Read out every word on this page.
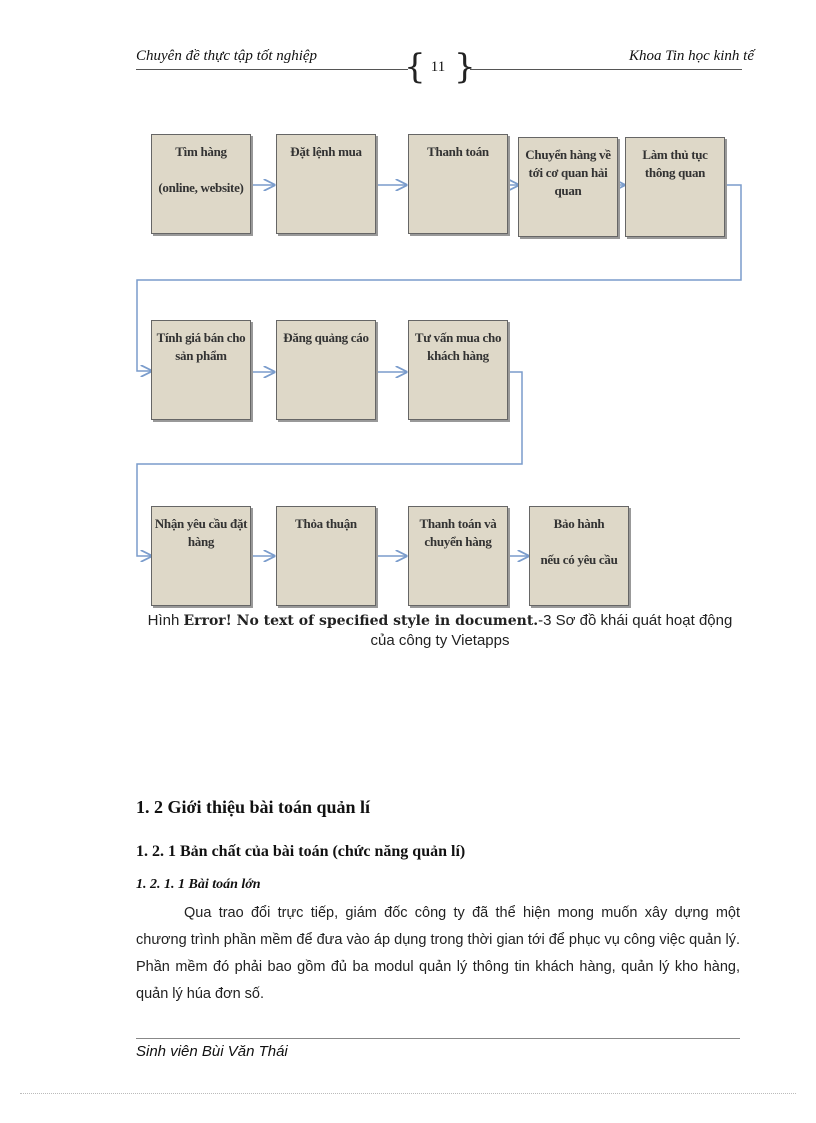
Chuyên đề thực tập tốt nghiệp	{ 11 }	Khoa Tin học kinh tế
Tìm hàng

(online, website)
Đặt lệnh mua	Thanh toán	Chuyển hàng về tới cơ quan hải quan
Làm thủ tục thông quan
Tính giá bán cho sản phẩm
Đăng quảng cáo	Tư vấn mua cho khách hàng
Nhận yêu cầu đặt hàng
Thỏa thuận	Thanh toán và chuyển hàng
Bảo hành

nếu có yêu cầu
Hình Error! No text of specified style in document.-3 Sơ đồ khái quát hoạt động
của công ty Vietapps
1. 2 Giới thiệu bài toán quản lí
1. 2. 1 Bản chất của bài toán (chức năng quản lí)
1. 2. 1. 1 Bài toán lớn
Qua trao đổi trực tiếp, giám đốc công ty đã thể hiện mong muốn xây dựng một chương trình phần mềm để đưa vào áp dụng trong thời gian tới để phục vụ công việc quản lý. Phần mềm đó phải bao gồm đủ ba modul quản lý thông tin khách hàng, quản lý kho hàng, quản lý húa đơn số.
Sinh viên Bùi Văn Thái
